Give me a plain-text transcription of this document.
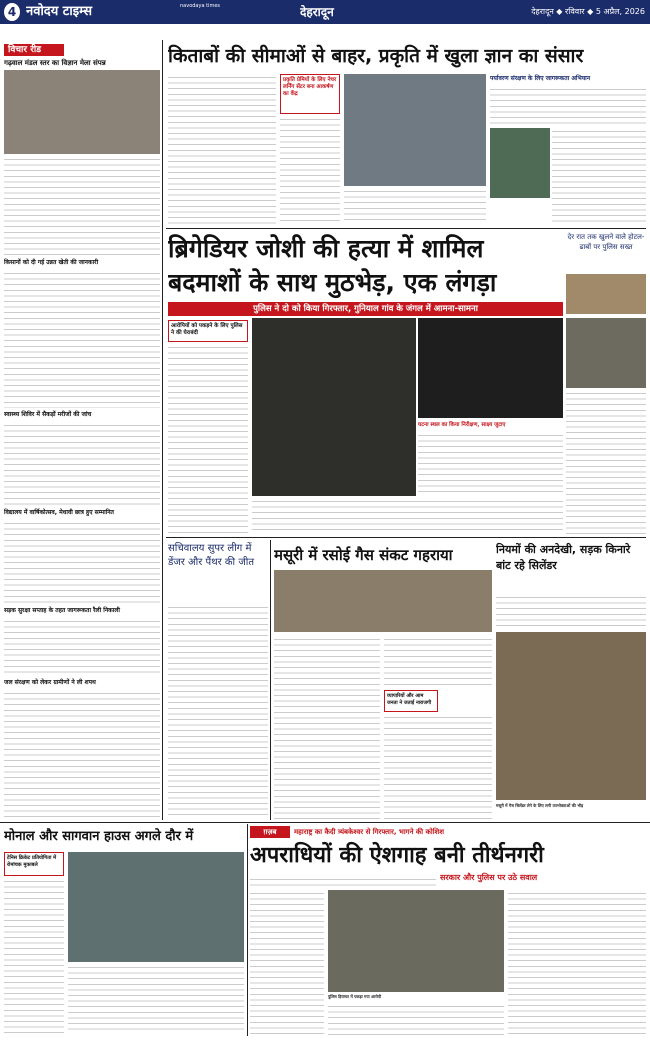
4 नवोदय टाइम्स	navodaya times	देहरादून	देहरादून ◆ रविवार ◆ 5 अप्रैल, 2026
विचार रीड
गढ़वाल मंडल स्तर का विज्ञान मेला संपन्न
किसानों को दी गई उन्नत खेती की जानकारी
स्वास्थ्य शिविर में सैकड़ों मरीजों की जांच
विद्यालय में वार्षिकोत्सव, मेधावी छात्र हुए सम्मानित
सड़क सुरक्षा सप्ताह के तहत जागरूकता रैली निकाली
जल संरक्षण को लेकर ग्रामीणों ने ली शपथ
किताबों की सीमाओं से बाहर, प्रकृति में खुला ज्ञान का संसार
प्रकृति प्रेमियों के लिए नेचर लर्निंग सेंटर बना आकर्षण का केंद्र
पर्यावरण संरक्षण के लिए जागरूकता अभियान
ब्रिगेडियर जोशी की हत्या में शामिल
बदमाशों के साथ मुठभेड़, एक लंगड़ा
देर रात तक खुलने वाले होटल-ढाबों पर पुलिस सख्त
पुलिस ने दो को किया गिरफ्तार, गुनियाल गांव के जंगल में आमना-सामना
आरोपियों को पकड़ने के लिए पुलिस ने की घेराबंदी
घटना स्थल का किया निरीक्षण, साक्ष्य जुटाए
सचिवालय सुपर लीग में डेंजर और पैंथर की जीत	मसूरी में रसोई गैस संकट गहराया
व्यापारियों और आम जनता ने जताई नाराजगी
नियमों की अनदेखी, सड़क किनारे बांट रहे सिलेंडर
मसूरी में गैस सिलेंडर लेने के लिए लगी उपभोक्ताओं की भीड़
मोनाल और सागवान हाउस अगले दौर में
टेनिस क्रिकेट प्रतियोगिता में रोमांचक मुकाबले
ग़ज़ब	महाराष्ट्र का कैदी त्र्यंबकेश्वर से गिरफ्तार, भागने की कोशिश
अपराधियों की ऐशगाह बनी तीर्थनगरी
सरकार और पुलिस पर उठे सवाल
पुलिस हिरासत में पकड़ा गया आरोपी
